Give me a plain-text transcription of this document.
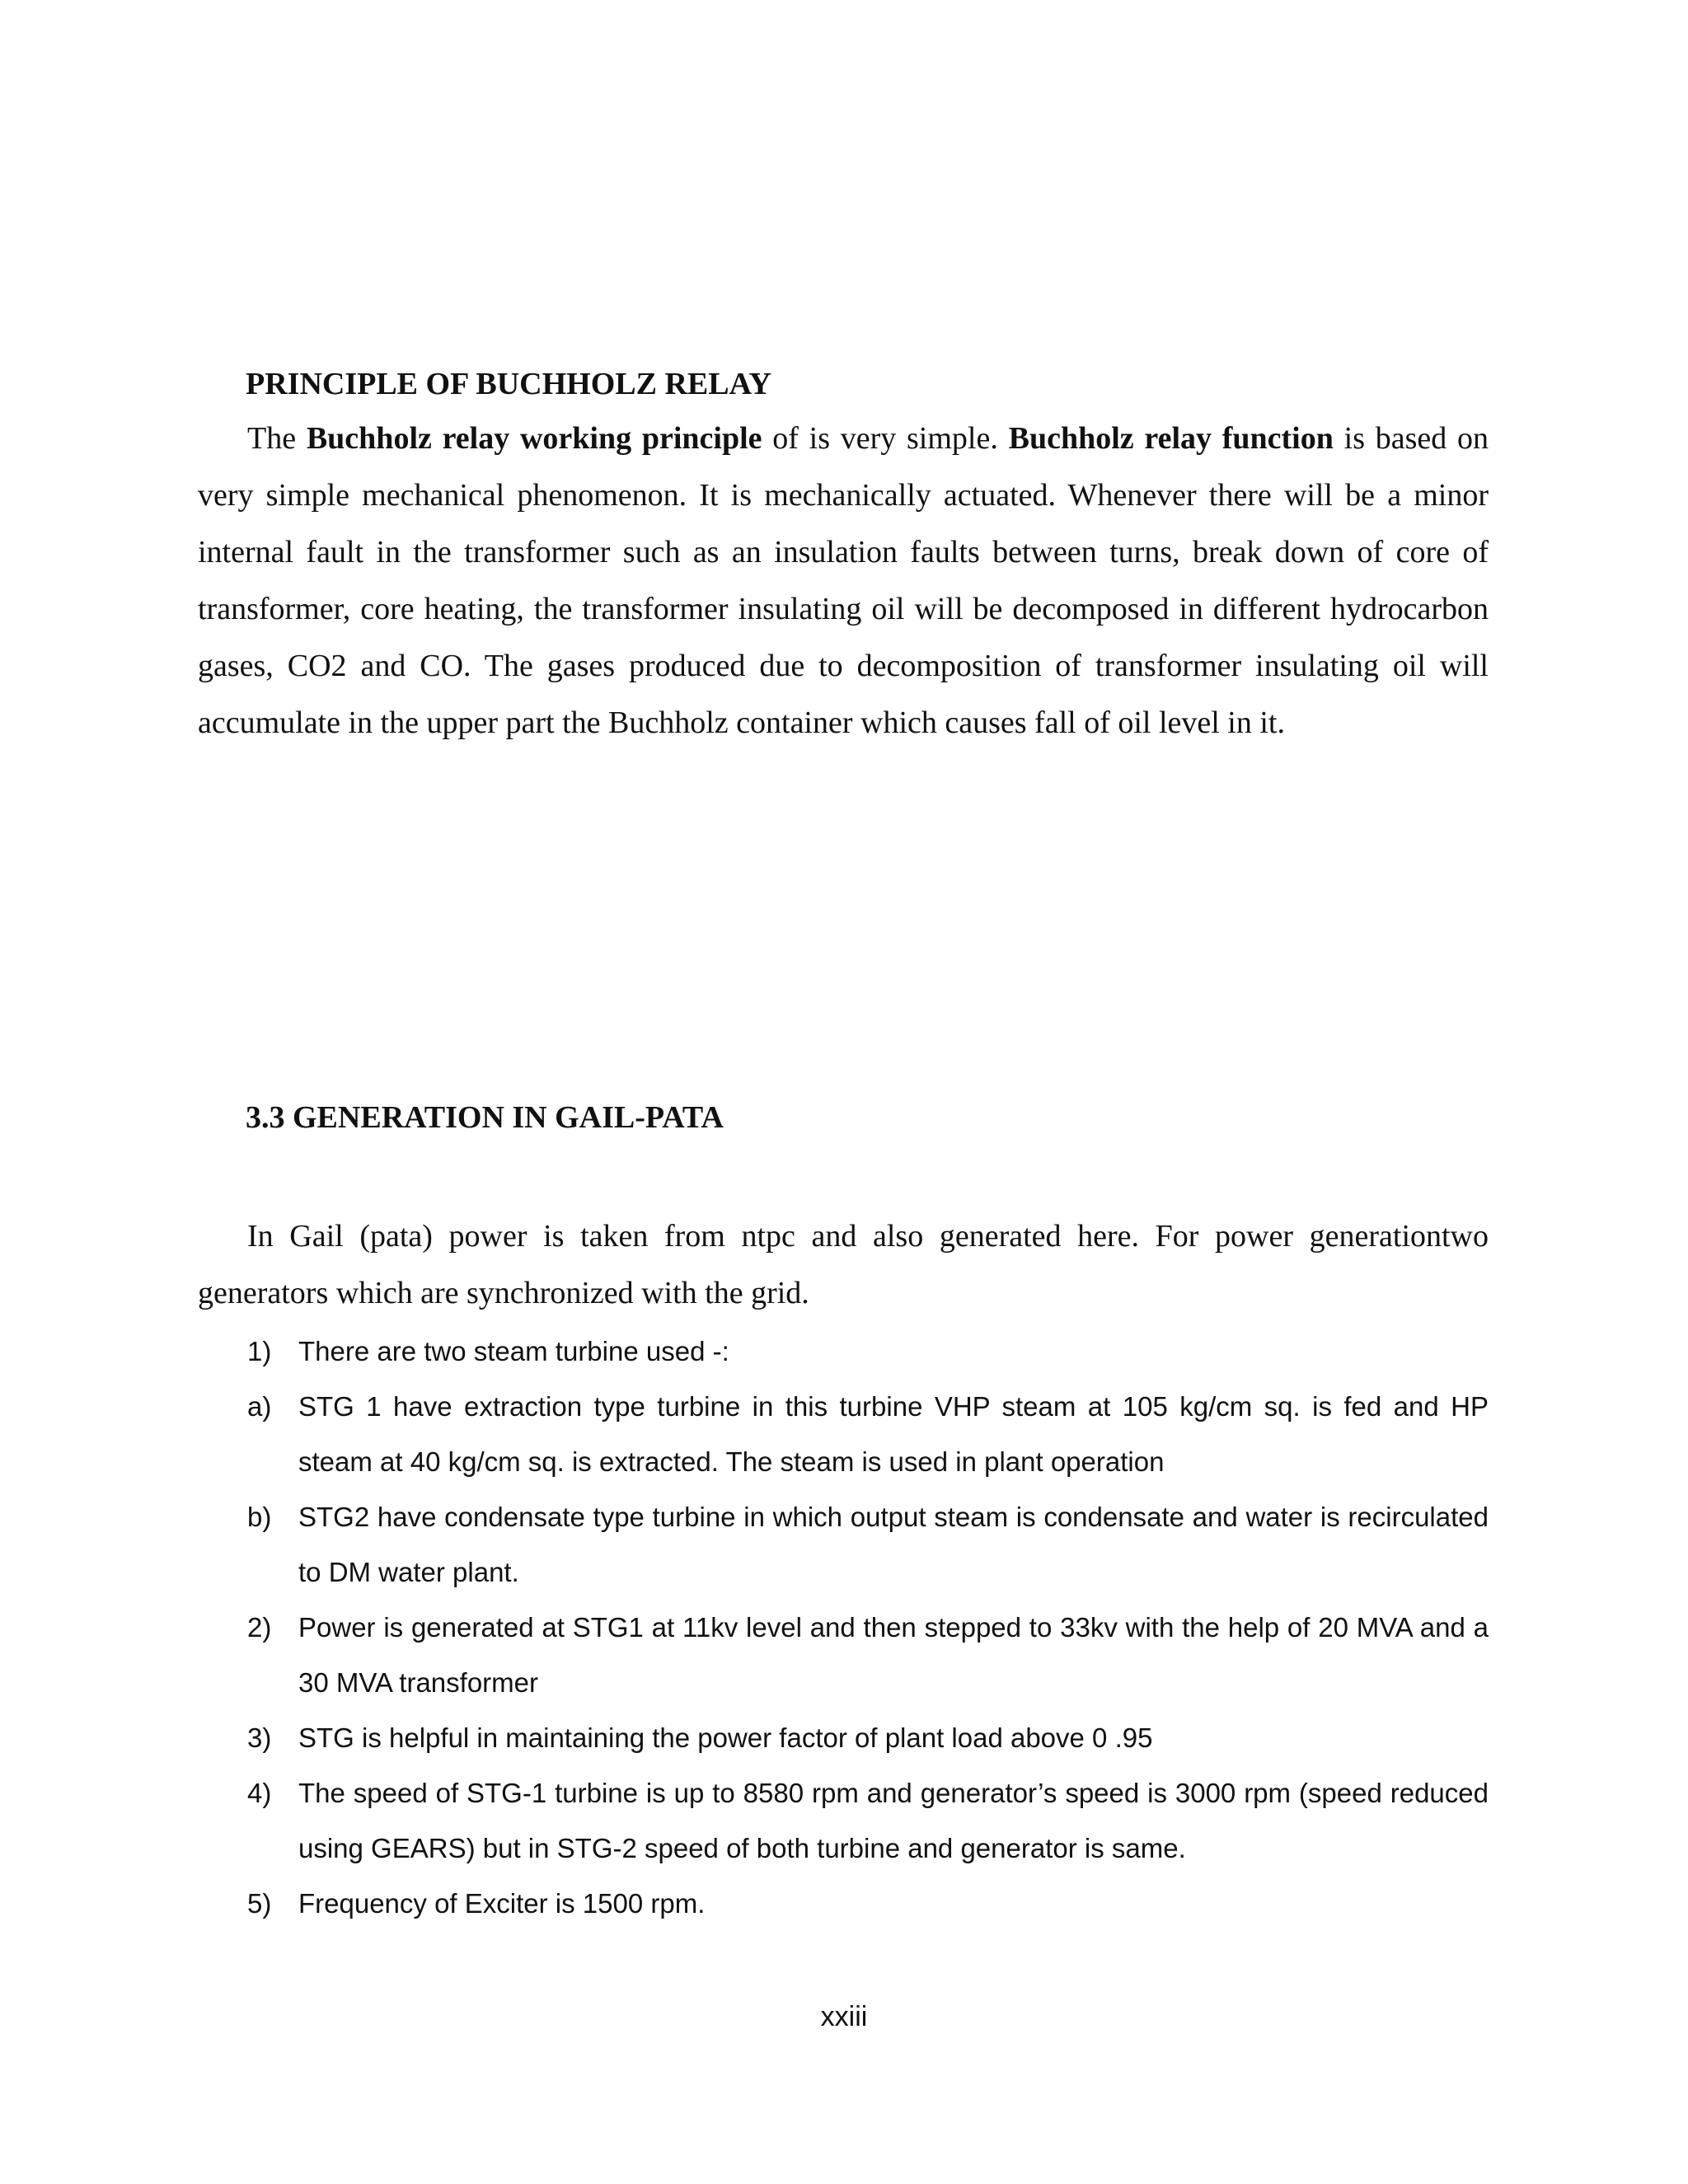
PRINCIPLE OF BUCHHOLZ RELAY

The Buchholz relay working principle of is very simple. Buchholz relay function is based on very simple mechanical phenomenon. It is mechanically actuated. Whenever there will be a minor internal fault in the transformer such as an insulation faults between turns, break down of core of transformer, core heating, the transformer insulating oil will be decomposed in different hydrocarbon gases, CO2 and CO. The gases produced due to decomposition of transformer insulating oil will accumulate in the upper part the Buchholz container which causes fall of oil level in it.

3.3 GENERATION IN GAIL-PATA

In Gail (pata) power is taken from ntpc and also generated here. For power generationtwo generators which are synchronized with the grid.

1) There are two steam turbine used -:

a) STG 1 have extraction type turbine in this turbine VHP steam at 105 kg/cm sq. is fed and HP steam at 40 kg/cm sq. is extracted. The steam is used in plant operation

b) STG2 have condensate type turbine in which output steam is condensate and water is recirculated to DM water plant.

2) Power is generated at STG1 at 11kv level and then stepped to 33kv with the help of 20 MVA and a 30 MVA transformer

3) STG is helpful in maintaining the power factor of plant load above 0 .95

4) The speed of STG-1 turbine is up to 8580 rpm and generator’s speed is 3000 rpm (speed reduced using GEARS) but in STG-2 speed of both turbine and generator is same.

5) Frequency of Exciter is 1500 rpm.

xxiii
